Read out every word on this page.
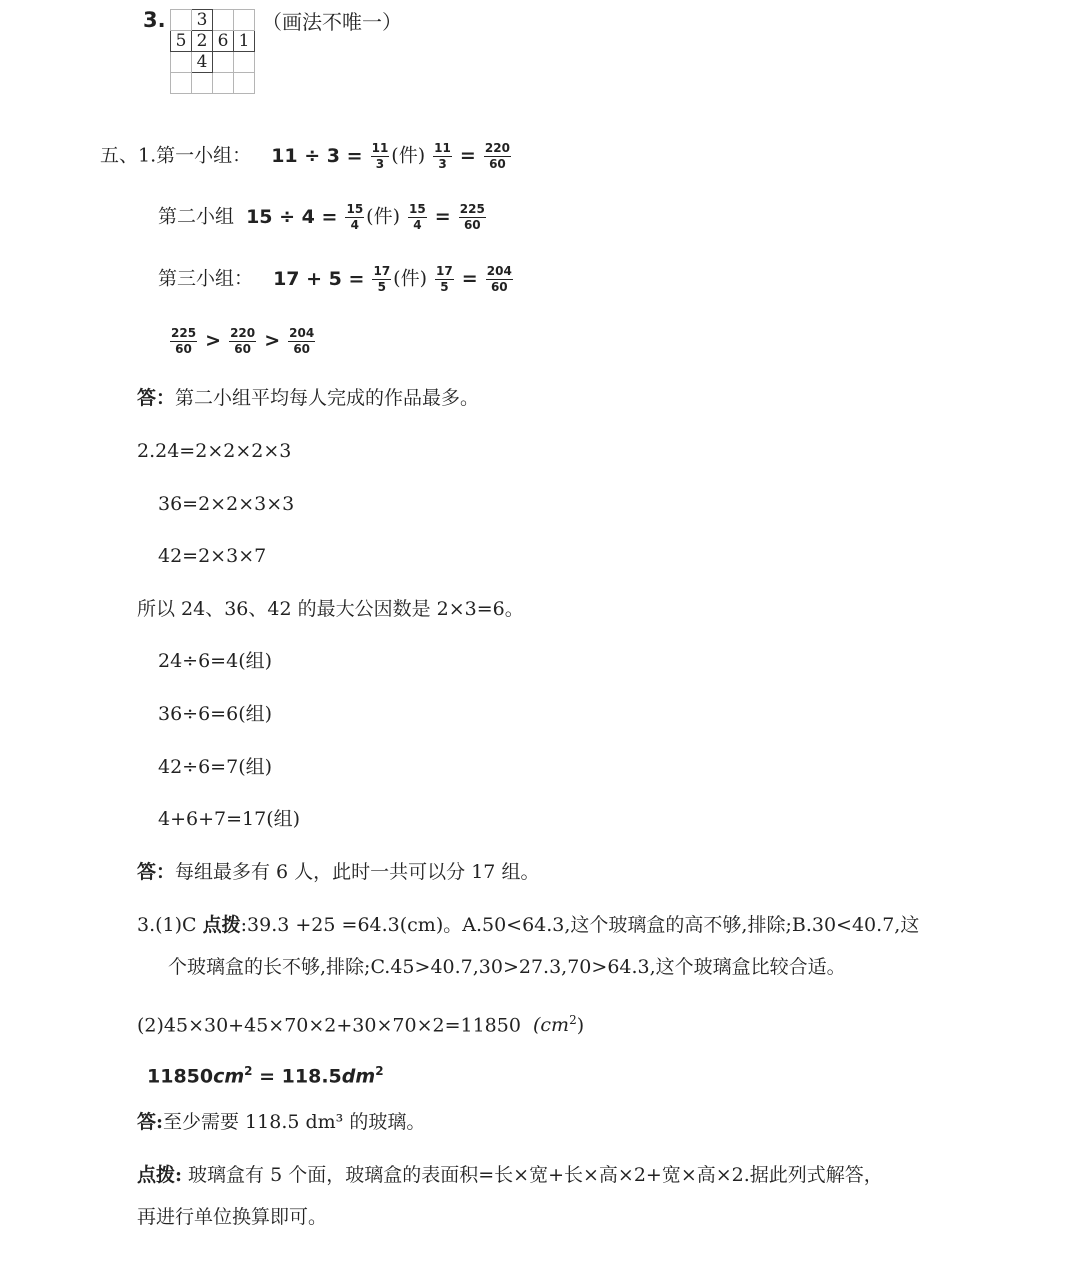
3.
	3		
5	2	6	1
	4		

（画法不唯一）
五、1.第一小组： $11 \div 3 = \frac{11}{3}$ (件) $\frac{11}{3} = \frac{220}{60}$
第二小组 $15 \div 4 = \frac{15}{4}$ (件) $\frac{15}{4} = \frac{225}{60}$
第三小组： $17 + 5 = \frac{17}{5}$ (件) $\frac{17}{5} = \frac{204}{60}$
$\frac{225}{60} > \frac{220}{60} > \frac{204}{60}$
答：第二小组平均每人完成的作品最多。
2.24=2×2×2×3
36=2×2×3×3
42=2×3×7
所以 24、36、42 的最大公因数是 2×3=6。
24÷6=4(组)
36÷6=6(组)
42÷6=7(组)
4+6+7=17(组)
答：每组最多有 6 人，此时一共可以分 17 组。
3.(1)C 点拨:39.3 +25 =64.3(cm)。A.50<64.3,这个玻璃盒的高不够,排除;B.30<40.7,这
个玻璃盒的长不够,排除;C.45>40.7,30>27.3,70>64.3,这个玻璃盒比较合适。
(2)45×30+45×70×2+30×70×2=11850 $(cm^2)$
$11850cm^2 = 118.5dm^2$
答:至少需要 118.5 dm³ 的玻璃。
点拨: 玻璃盒有 5 个面，玻璃盒的表面积=长×宽+长×高×2+宽×高×2.据此列式解答，
再进行单位换算即可。
